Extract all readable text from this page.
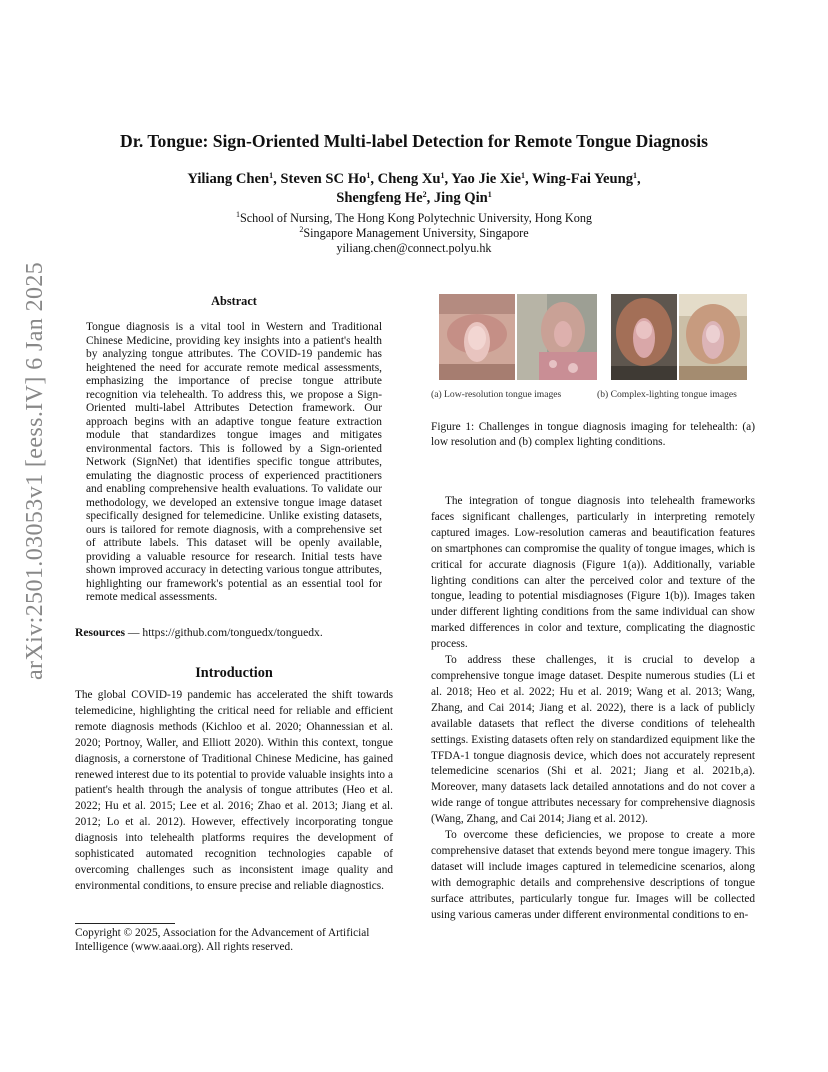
arXiv:2501.03053v1 [eess.IV] 6 Jan 2025
Dr. Tongue: Sign-Oriented Multi-label Detection for Remote Tongue Diagnosis
Yiliang Chen$^1$, Steven SC Ho$^1$, Cheng Xu$^1$, Yao Jie Xie$^1$, Wing-Fai Yeung$^1$,
Shengfeng He$^2$, Jing Qin$^1$
$^1$School of Nursing, The Hong Kong Polytechnic University, Hong Kong
$^2$Singapore Management University, Singapore
yiliang.chen@connect.polyu.hk
Abstract
Tongue diagnosis is a vital tool in Western and Traditional Chinese Medicine, providing key insights into a patient's health by analyzing tongue attributes. The COVID-19 pandemic has heightened the need for accurate remote medical assessments, emphasizing the importance of precise tongue attribute recognition via telehealth. To address this, we propose a Sign-Oriented multi-label Attributes Detection framework. Our approach begins with an adaptive tongue feature extraction module that standardizes tongue images and mitigates environmental factors. This is followed by a Sign-oriented Network (SignNet) that identifies specific tongue attributes, emulating the diagnostic process of experienced practitioners and enabling comprehensive health evaluations. To validate our methodology, we developed an extensive tongue image dataset specifically designed for telemedicine. Unlike existing datasets, ours is tailored for remote diagnosis, with a comprehensive set of attribute labels. This dataset will be openly available, providing a valuable resource for research. Initial tests have shown improved accuracy in detecting various tongue attributes, highlighting our framework's potential as an essential tool for remote medical assessments.
Resources — https://github.com/tonguedx/tonguedx.
Introduction

The global COVID-19 pandemic has accelerated the shift towards telemedicine, highlighting the critical need for reliable and efficient remote diagnosis methods (Kichloo et al. 2020; Ohannessian et al. 2020; Portnoy, Waller, and Elliott 2020). Within this context, tongue diagnosis, a cornerstone of Traditional Chinese Medicine, has gained renewed interest due to its potential to provide valuable insights into a patient's health through the analysis of tongue attributes (Heo et al. 2022; Hu et al. 2015; Lee et al. 2016; Zhao et al. 2013; Jiang et al. 2012; Lo et al. 2012). However, effectively incorporating tongue diagnosis into telehealth platforms requires the development of sophisticated automated recognition technologies capable of overcoming challenges such as inconsistent image quality and environmental conditions, to ensure precise and reliable diagnostics.

Copyright © 2025, Association for the Advancement of Artificial Intelligence (www.aaai.org). All rights reserved.
(a) Low-resolution tongue images	(b) Complex-lighting tongue images
Figure 1: Challenges in tongue diagnosis imaging for telehealth: (a) low resolution and (b) complex lighting conditions.

The integration of tongue diagnosis into telehealth frameworks faces significant challenges, particularly in interpreting remotely captured images. Low-resolution cameras and beautification features on smartphones can compromise the quality of tongue images, which is critical for accurate diagnosis (Figure 1(a)). Additionally, variable lighting conditions can alter the perceived color and texture of the tongue, leading to potential misdiagnoses (Figure 1(b)). Images taken under different lighting conditions from the same individual can show marked differences in color and texture, complicating the diagnostic process.

To address these challenges, it is crucial to develop a comprehensive tongue image dataset. Despite numerous studies (Li et al. 2018; Heo et al. 2022; Hu et al. 2019; Wang et al. 2013; Wang, Zhang, and Cai 2014; Jiang et al. 2022), there is a lack of publicly available datasets that reflect the diverse conditions of telehealth settings. Existing datasets often rely on standardized equipment like the TFDA-1 tongue diagnosis device, which does not accurately represent telemedicine scenarios (Shi et al. 2021; Jiang et al. 2021b,a). Moreover, many datasets lack detailed annotations and do not cover a wide range of tongue attributes necessary for comprehensive diagnosis (Wang, Zhang, and Cai 2014; Jiang et al. 2012).

To overcome these deficiencies, we propose to create a more comprehensive dataset that extends beyond mere tongue imagery. This dataset will include images captured in telemedicine scenarios, along with demographic details and comprehensive descriptions of tongue surface attributes, particularly tongue fur. Images will be collected using various cameras under different environmental conditions to en-
